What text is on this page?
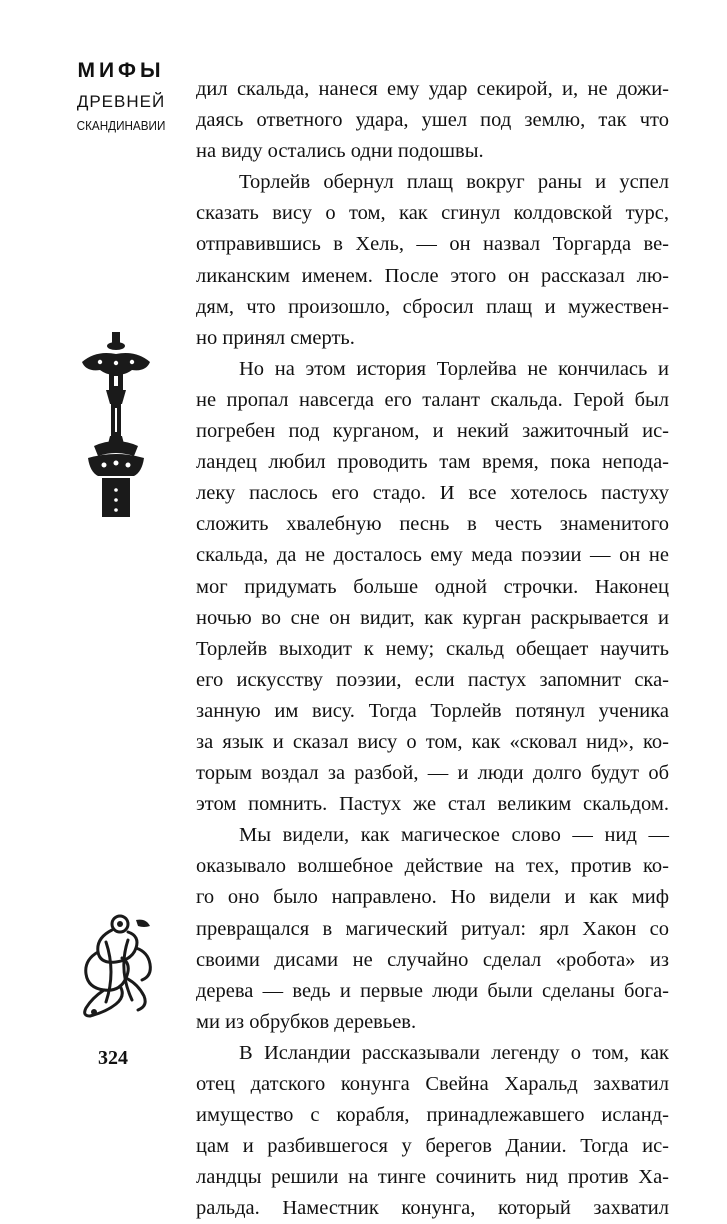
МИФЫ
ДРЕВНЕЙ
СКАНДИНАВИИ
дил скальда, нанеся ему удар секирой, и, не дожи-
даясь ответного удара, ушел под землю, так что
на виду остались одни подошвы.
Торлейв обернул плащ вокруг раны и успел
сказать вису о том, как сгинул колдовской турс,
отправившись в Хель, — он назвал Торгарда ве-
ликанским именем. После этого он рассказал лю-
дям, что произошло, сбросил плащ и мужествен-
но принял смерть.
Но на этом история Торлейва не кончилась и
не пропал навсегда его талант скальда. Герой был
погребен под курганом, и некий зажиточный ис-
ландец любил проводить там время, пока непода-
леку паслось его стадо. И все хотелось пастуху
сложить хвалебную песнь в честь знаменитого
скальда, да не досталось ему меда поэзии — он не
мог придумать больше одной строчки. Наконец
ночью во сне он видит, как курган раскрывается и
Торлейв выходит к нему; скальд обещает научить
его искусству поэзии, если пастух запомнит ска-
занную им вису. Тогда Торлейв потянул ученика
за язык и сказал вису о том, как «сковал нид», ко-
торым воздал за разбой, — и люди долго будут об
этом помнить. Пастух же стал великим скальдом.
Мы видели, как магическое слово — нид —
оказывало волшебное действие на тех, против ко-
го оно было направлено. Но видели и как миф
превращался в магический ритуал: ярл Хакон со
своими дисами не случайно сделал «робота» из
дерева — ведь и первые люди были сделаны бога-
ми из обрубков деревьев.
В Исландии рассказывали легенду о том, как
отец датского конунга Свейна Харальд захватил
имущество с корабля, принадлежавшего исланд-
цам и разбившегося у берегов Дании. Тогда ис-
ландцы решили на тинге сочинить нид против Ха-
ральда. Наместник конунга, который захватил
324
